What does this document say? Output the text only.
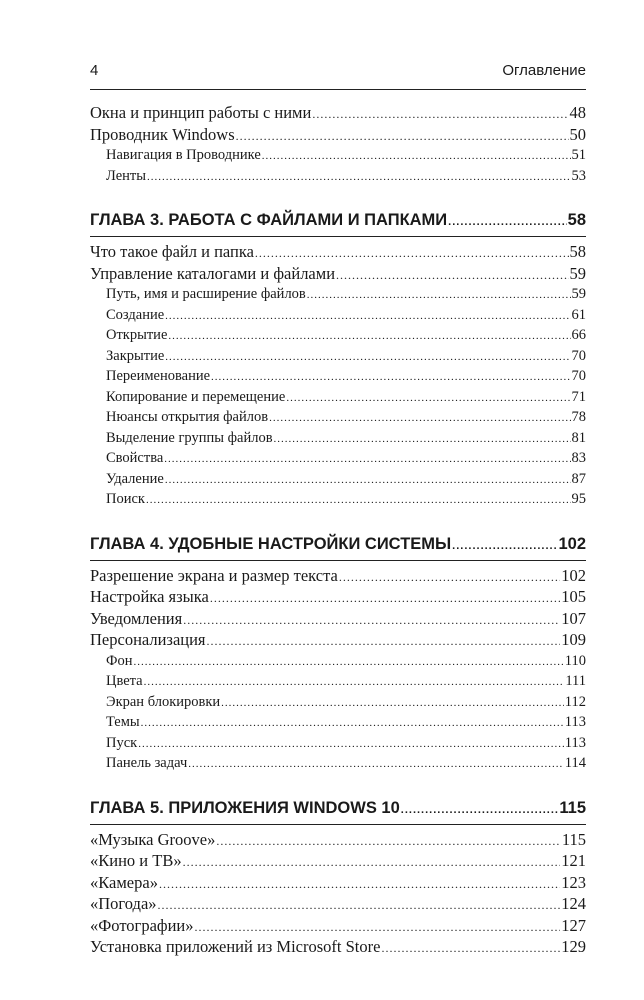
4	Оглавление
Окна и принцип работы с ними .....	48
Проводник Windows .....	50
Навигация в Проводнике .....	51
Ленты .....	53
ГЛАВА 3. РАБОТА С ФАЙЛАМИ И ПАПКАМИ .....	58
Что такое файл и папка .....	58
Управление каталогами и файлами .....	59
Путь, имя и расширение файлов .....	59
Создание .....	61
Открытие .....	66
Закрытие .....	70
Переименование .....	70
Копирование и перемещение .....	71
Нюансы открытия файлов .....	78
Выделение группы файлов .....	81
Свойства .....	83
Удаление .....	87
Поиск .....	95
ГЛАВА 4. УДОБНЫЕ НАСТРОЙКИ СИСТЕМЫ .....	102
Разрешение экрана и размер текста .....	102
Настройка языка .....	105
Уведомления .....	107
Персонализация .....	109
Фон .....	110
Цвета .....	111
Экран блокировки .....	112
Темы .....	113
Пуск .....	113
Панель задач .....	114
ГЛАВА 5. ПРИЛОЖЕНИЯ WINDOWS 10 .....	115
«Музыка Groove» .....	115
«Кино и ТВ» .....	121
«Камера» .....	123
«Погода» .....	124
«Фотографии» .....	127
Установка приложений из Microsoft Store .....	129
